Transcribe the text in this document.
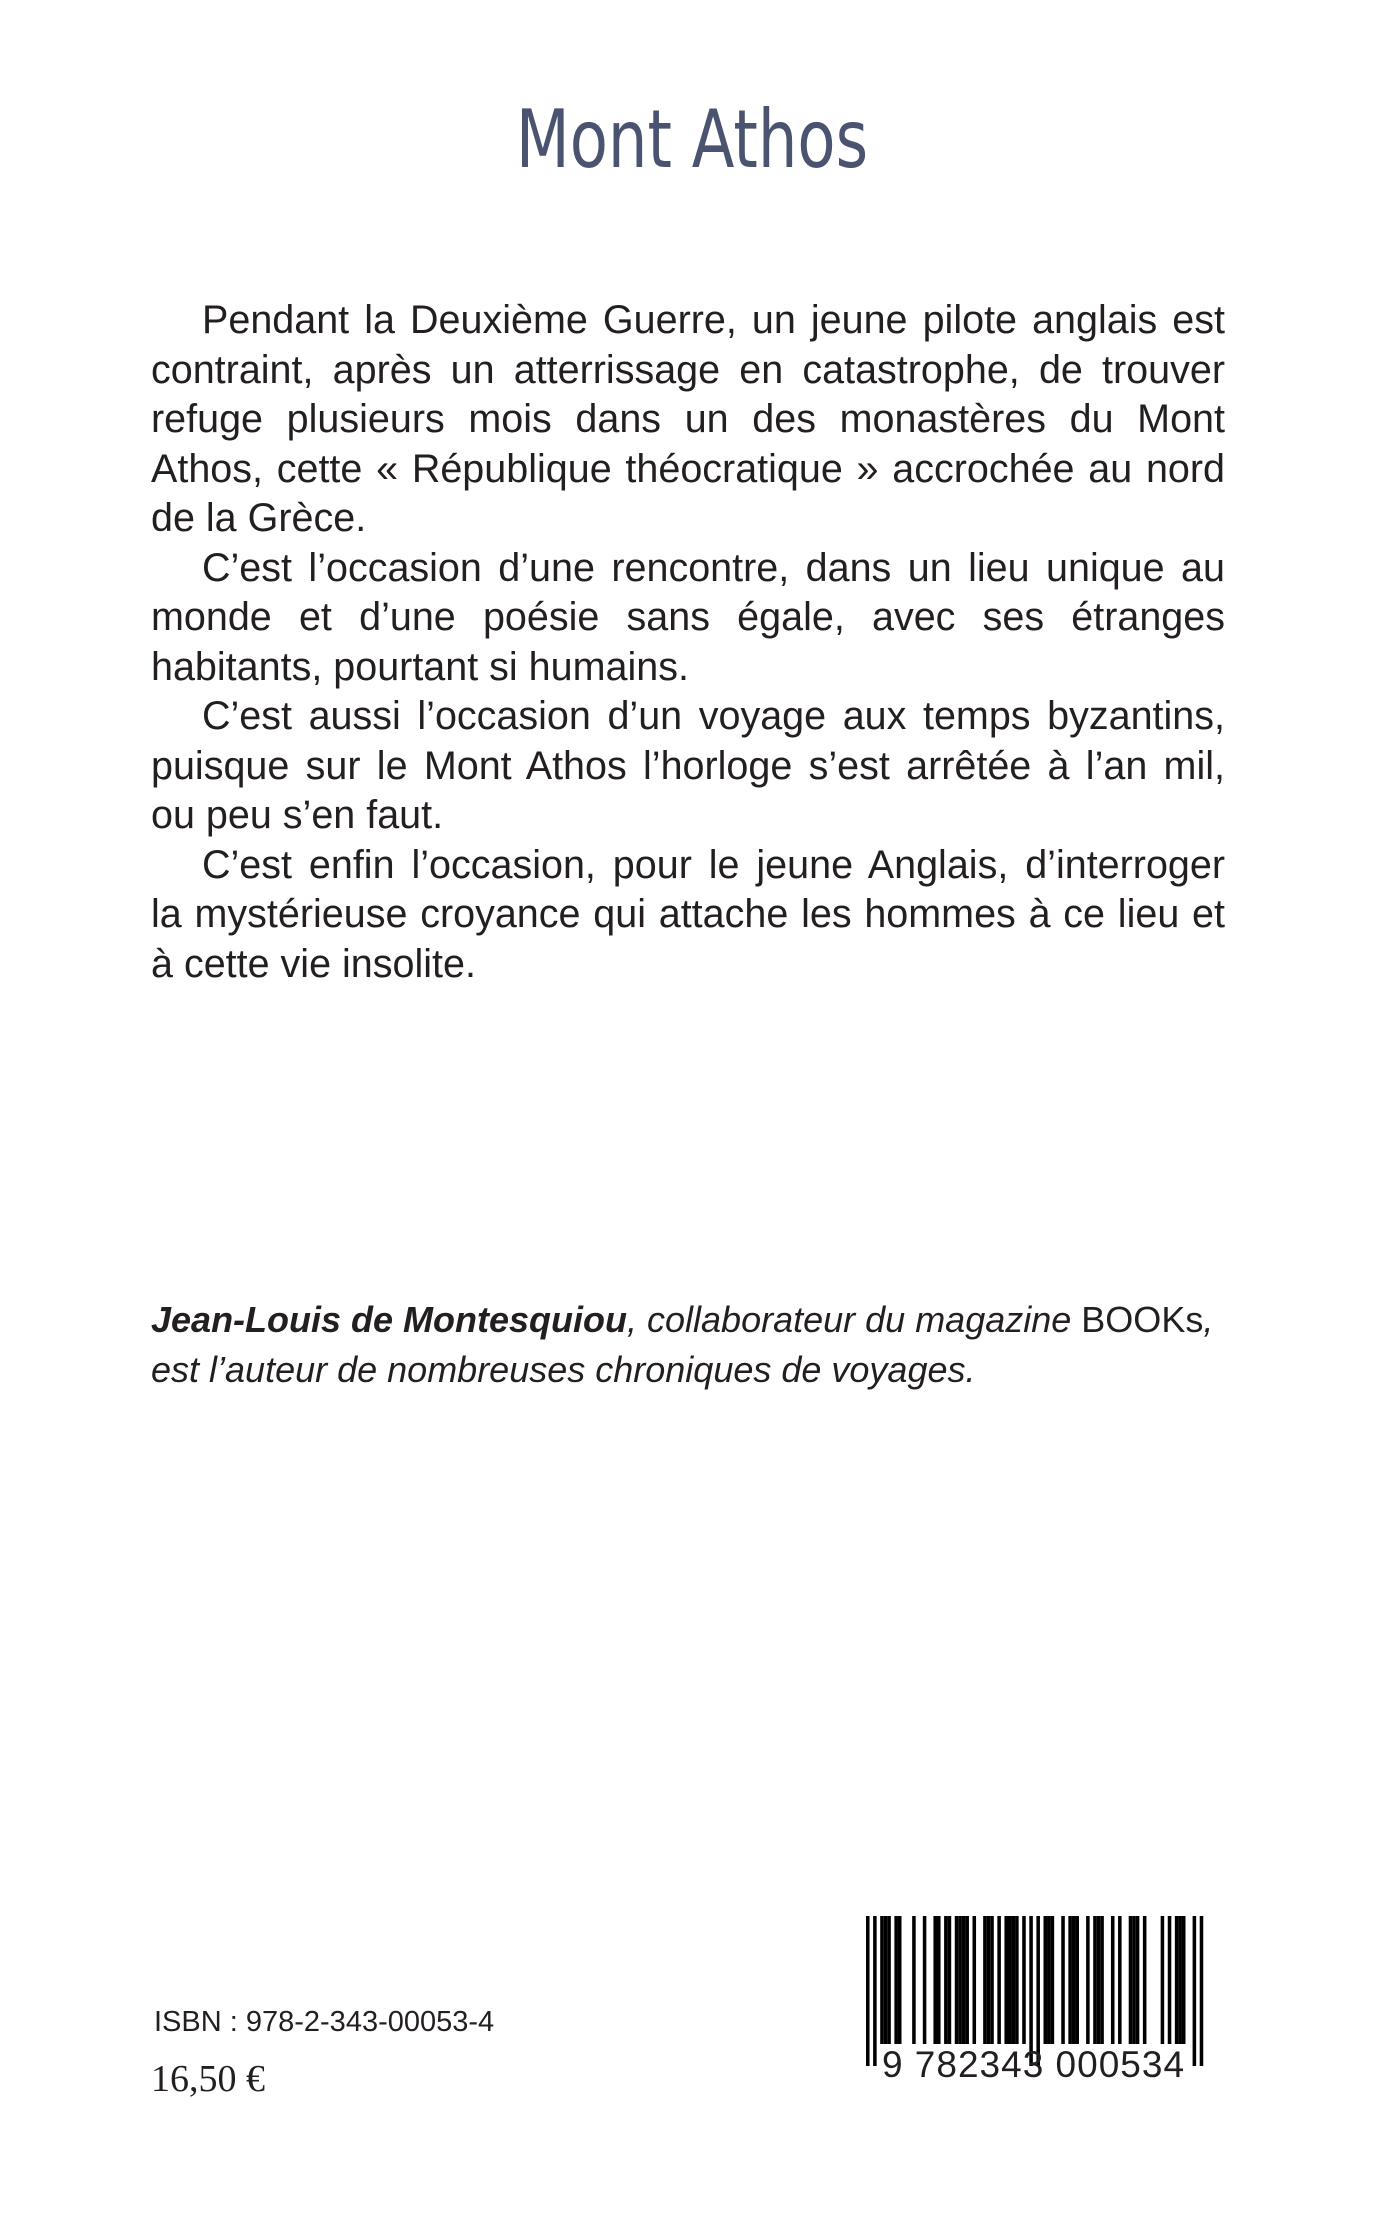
Mont Athos

Pendant la Deuxième Guerre, un jeune pilote anglais est contraint, après un atterrissage en catastrophe, de trouver refuge plusieurs mois dans un des monastères du Mont Athos, cette « République théocratique » accrochée au nord de la Grèce.

C’est l’occasion d’une rencontre, dans un lieu unique au monde et d’une poésie sans égale, avec ses étranges habitants, pourtant si humains.

C’est aussi l’occasion d’un voyage aux temps byzantins, puisque sur le Mont Athos l’horloge s’est arrêtée à l’an mil, ou peu s’en faut.

C’est enfin l’occasion, pour le jeune Anglais, d’interroger la mystérieuse croyance qui attache les hommes à ce lieu et à cette vie insolite.

Jean-Louis de Montesquiou, collaborateur du magazine BOOKs,
est l’auteur de nombreuses chroniques de voyages.

ISBN : 978-2-343-00053-4

16,50 €	9 782343 000534
